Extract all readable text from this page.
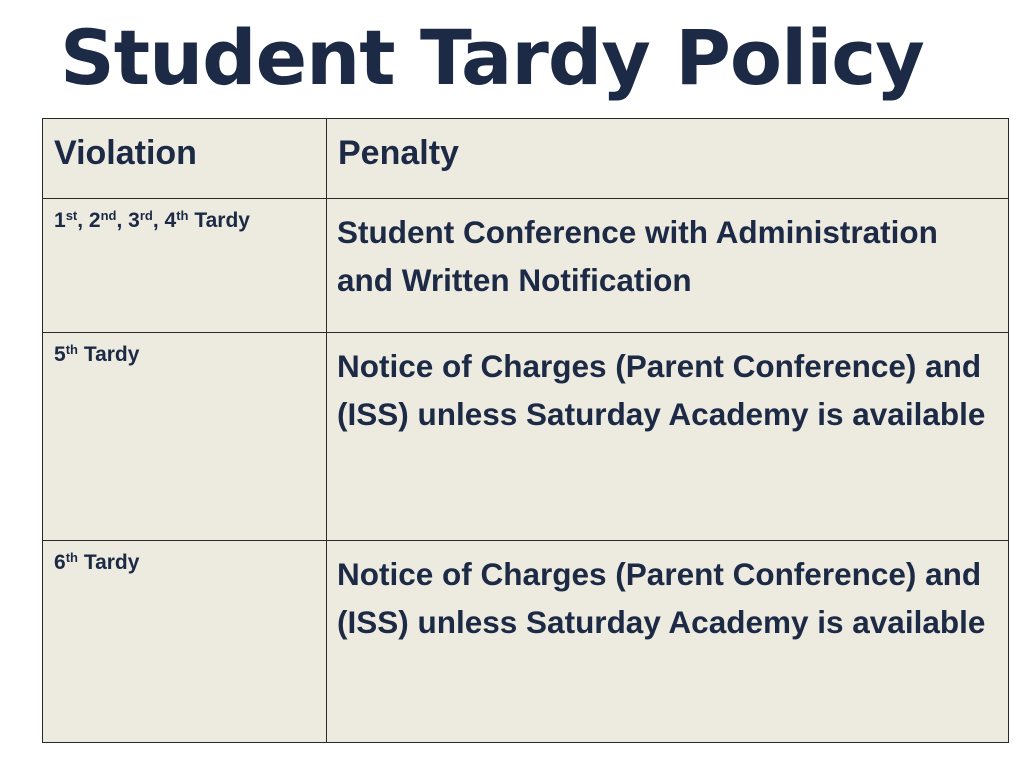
Student Tardy Policy
Violation	Penalty
1st, 2nd, 3rd, 4th Tardy	Student Conference with Administration and Written Notification
5th Tardy	Notice of Charges (Parent Conference) and (ISS) unless Saturday Academy is available
6th Tardy	Notice of Charges (Parent Conference) and (ISS) unless Saturday Academy is available
